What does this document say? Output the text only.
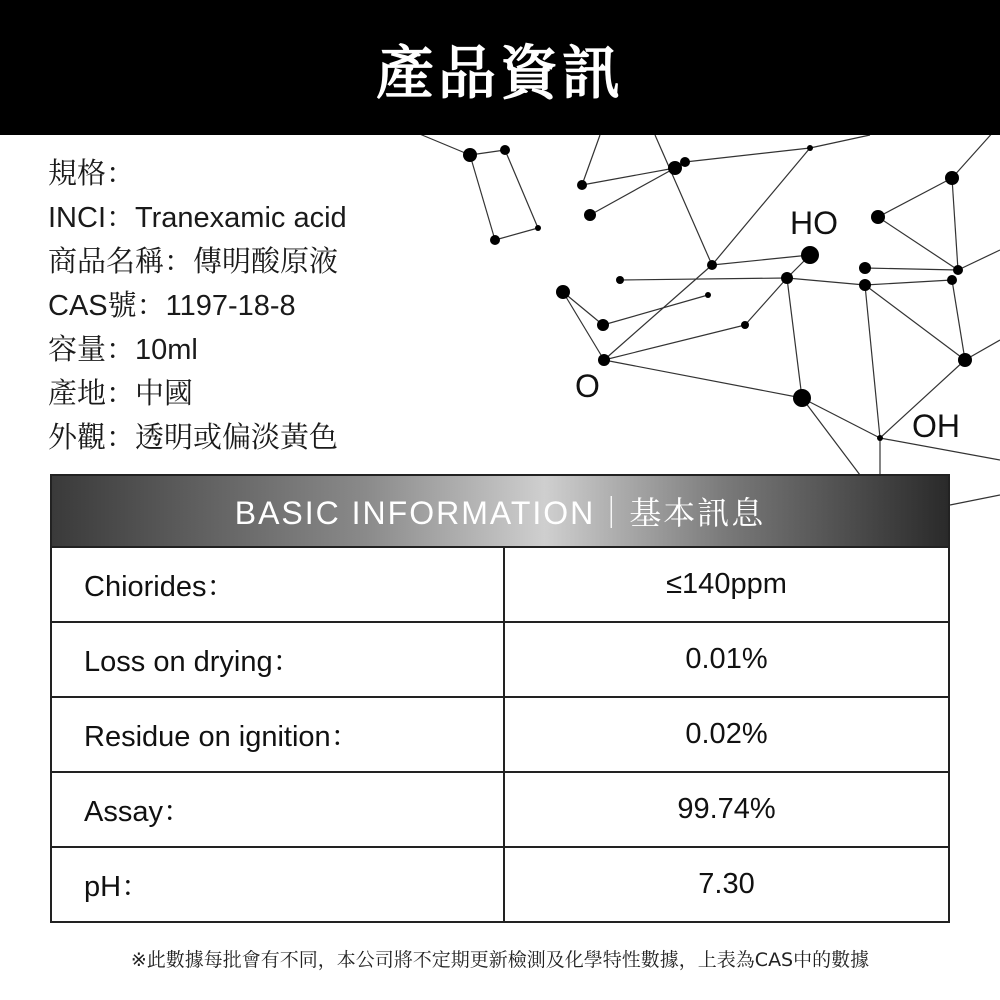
產品資訊
HO
O
OH
規格：
INCI：Tranexamic acid
商品名稱：傳明酸原液
CAS號：1197-18-8
容量：10ml
產地：中國
外觀：透明或偏淡黃色
BASIC INFORMATION｜基本訊息
Chiorides：	≤140ppm
Loss on drying：	0.01%
Residue on ignition：	0.02%
Assay：	99.74%
pH：	7.30
※此數據每批會有不同，本公司將不定期更新檢測及化學特性數據，上表為CAS中的數據
